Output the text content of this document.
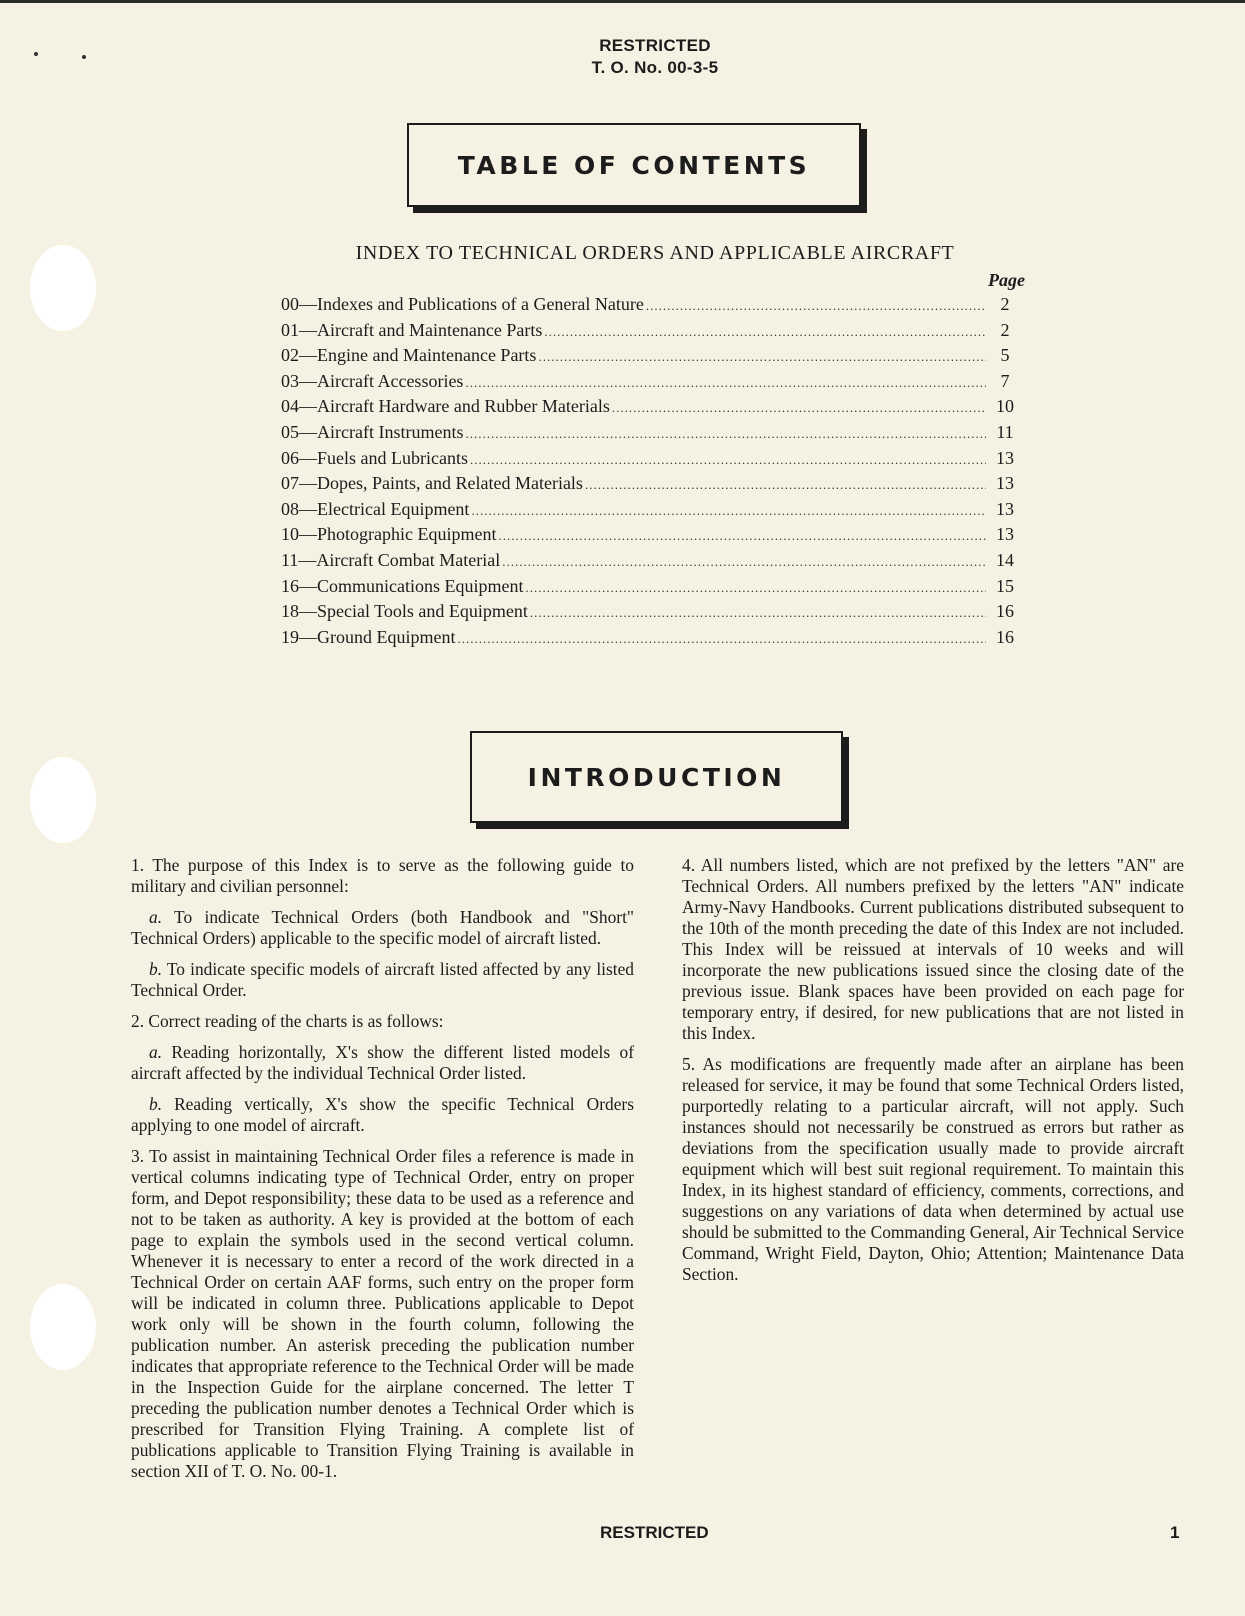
RESTRICTED
T. O. No. 00-3-5
TABLE OF CONTENTS
INDEX TO TECHNICAL ORDERS AND APPLICABLE AIRCRAFT
Page
00—Indexes and Publications of a General Nature .....	2
01—Aircraft and Maintenance Parts .....	2
02—Engine and Maintenance Parts .....	5
03—Aircraft Accessories .....	7
04—Aircraft Hardware and Rubber Materials .....	10
05—Aircraft Instruments .....	11
06—Fuels and Lubricants .....	13
07—Dopes, Paints, and Related Materials .....	13
08—Electrical Equipment .....	13
10—Photographic Equipment .....	13
11—Aircraft Combat Material .....	14
16—Communications Equipment .....	15
18—Special Tools and Equipment .....	16
19—Ground Equipment .....	16
INTRODUCTION

1. The purpose of this Index is to serve as the following guide to military and civilian personnel:

a. To indicate Technical Orders (both Handbook and "Short" Technical Orders) applicable to the specific model of aircraft listed.

b. To indicate specific models of aircraft listed affected by any listed Technical Order.

2. Correct reading of the charts is as follows:

a. Reading horizontally, X's show the different listed models of aircraft affected by the individual Technical Order listed.

b. Reading vertically, X's show the specific Technical Orders applying to one model of aircraft.

3. To assist in maintaining Technical Order files a reference is made in vertical columns indicating type of Technical Order, entry on proper form, and Depot responsibility; these data to be used as a reference and not to be taken as authority. A key is provided at the bottom of each page to explain the symbols used in the second vertical column. Whenever it is necessary to enter a record of the work directed in a Technical Order on certain AAF forms, such entry on the proper form will be indicated in column three. Publications applicable to Depot work only will be shown in the fourth column, following the publication number. An asterisk preceding the publication number indicates that appropriate reference to the Technical Order will be made in the Inspection Guide for the airplane concerned. The letter T preceding the publication number denotes a Technical Order which is prescribed for Transition Flying Training. A complete list of publications applicable to Transition Flying Training is available in section XII of T. O. No. 00-1.

4. All numbers listed, which are not prefixed by the letters "AN" are Technical Orders. All numbers prefixed by the letters "AN" indicate Army-Navy Handbooks. Current publications distributed subsequent to the 10th of the month preceding the date of this Index are not included. This Index will be reissued at intervals of 10 weeks and will incorporate the new publications issued since the closing date of the previous issue. Blank spaces have been provided on each page for temporary entry, if desired, for new publications that are not listed in this Index.

5. As modifications are frequently made after an airplane has been released for service, it may be found that some Technical Orders listed, purportedly relating to a particular aircraft, will not apply. Such instances should not necessarily be construed as errors but rather as deviations from the specification usually made to provide aircraft equipment which will best suit regional requirement. To maintain this Index, in its highest standard of efficiency, comments, corrections, and suggestions on any variations of data when determined by actual use should be submitted to the Commanding General, Air Technical Service Command, Wright Field, Dayton, Ohio; Attention; Maintenance Data Section.

RESTRICTED	1
